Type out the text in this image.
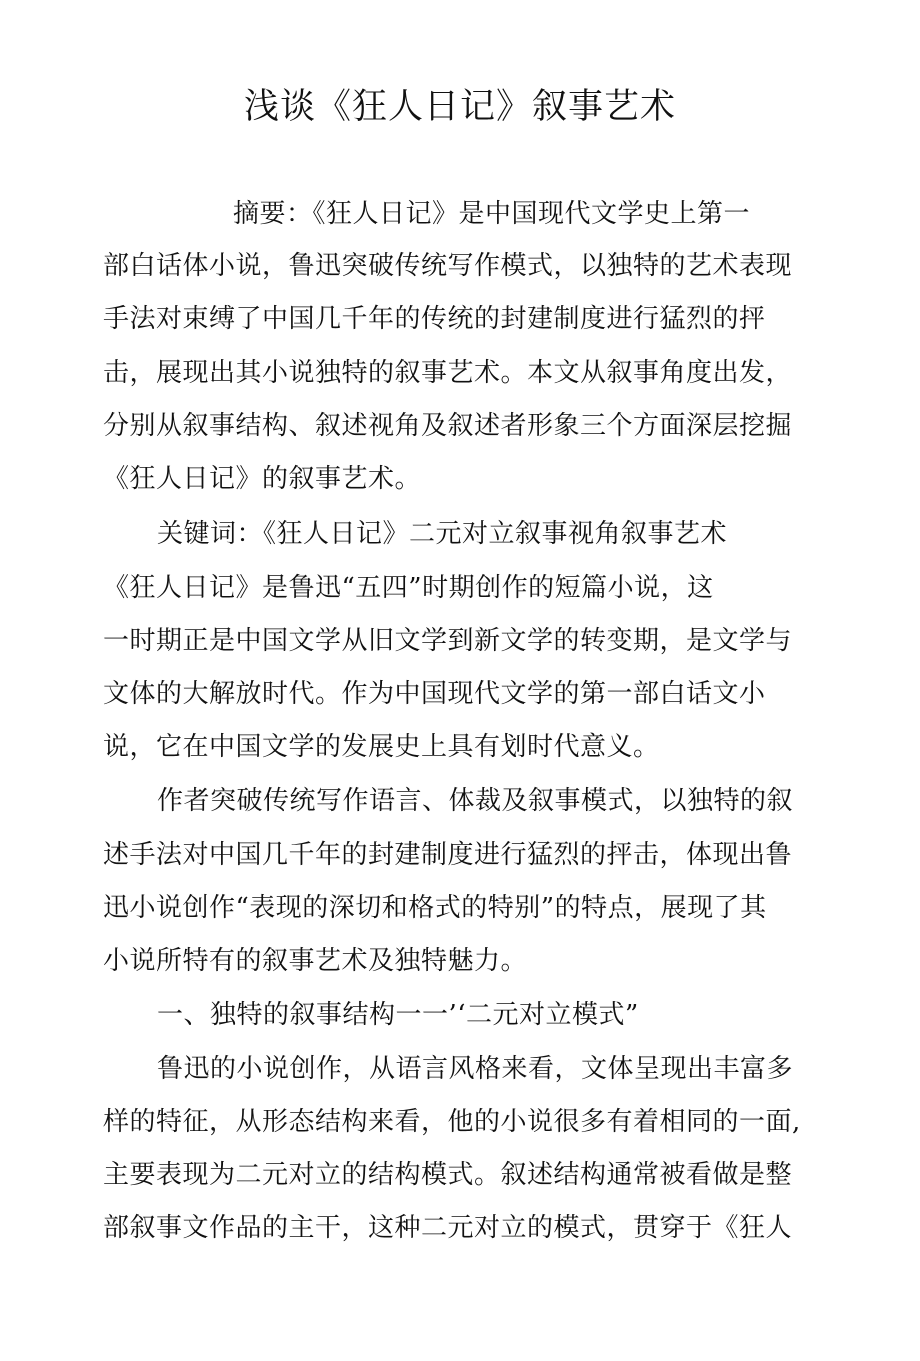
浅谈《狂人日记》叙事艺术
摘要：《狂人日记》是中国现代文学史上第一
部白话体小说，鲁迅突破传统写作模式，以独特的艺术表现
手法对束缚了中国几千年的传统的封建制度进行猛烈的抨
击，展现出其小说独特的叙事艺术。本文从叙事角度出发，
分别从叙事结构、叙述视角及叙述者形象三个方面深层挖掘
《狂人日记》的叙事艺术。
关键词：《狂人日记》二元对立叙事视角叙事艺术
《狂人日记》是鲁迅“五四”时期创作的短篇小说，这
一时期正是中国文学从旧文学到新文学的转变期，是文学与
文体的大解放时代。作为中国现代文学的第一部白话文小
说，它在中国文学的发展史上具有划时代意义。
作者突破传统写作语言、体裁及叙事模式，以独特的叙
述手法对中国几千年的封建制度进行猛烈的抨击，体现出鲁
迅小说创作“表现的深切和格式的特别”的特点，展现了其
小说所特有的叙事艺术及独特魅力。
一、独特的叙事结构一一’‘二元对立模式”
鲁迅的小说创作，从语言风格来看，文体呈现出丰富多
样的特征，从形态结构来看，他的小说很多有着相同的一面,
主要表现为二元对立的结构模式。叙述结构通常被看做是整
部叙事文作品的主干，这种二元对立的模式，贯穿于《狂人
